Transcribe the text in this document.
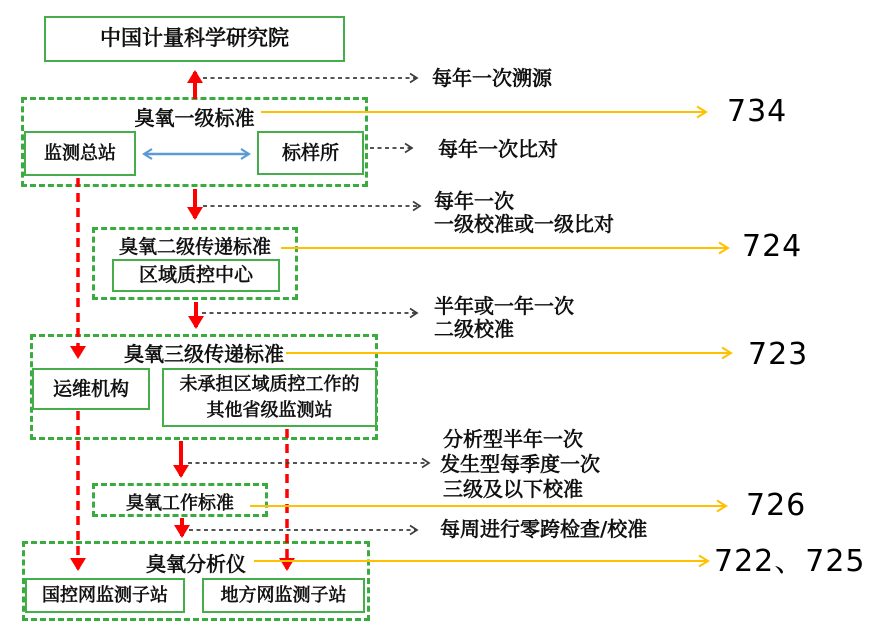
臭氧一级标准
臭氧二级传递标准
臭氧三级传递标准
臭氧工作标准
臭氧分析仪
中国计量科学研究院
监测总站	标样所
区域质控中心
运维机构	未承担区域质控工作的
其他省级监测站
国控网监测子站	地方网监测子站
每年一次溯源
每年一次比对
每年一次
一级校准或一级比对
半年或一年一次
二级校准
分析型半年一次
发生型每季度一次
三级及以下校准
每周进行零跨检查/校准
734
724
723
726
722、725
